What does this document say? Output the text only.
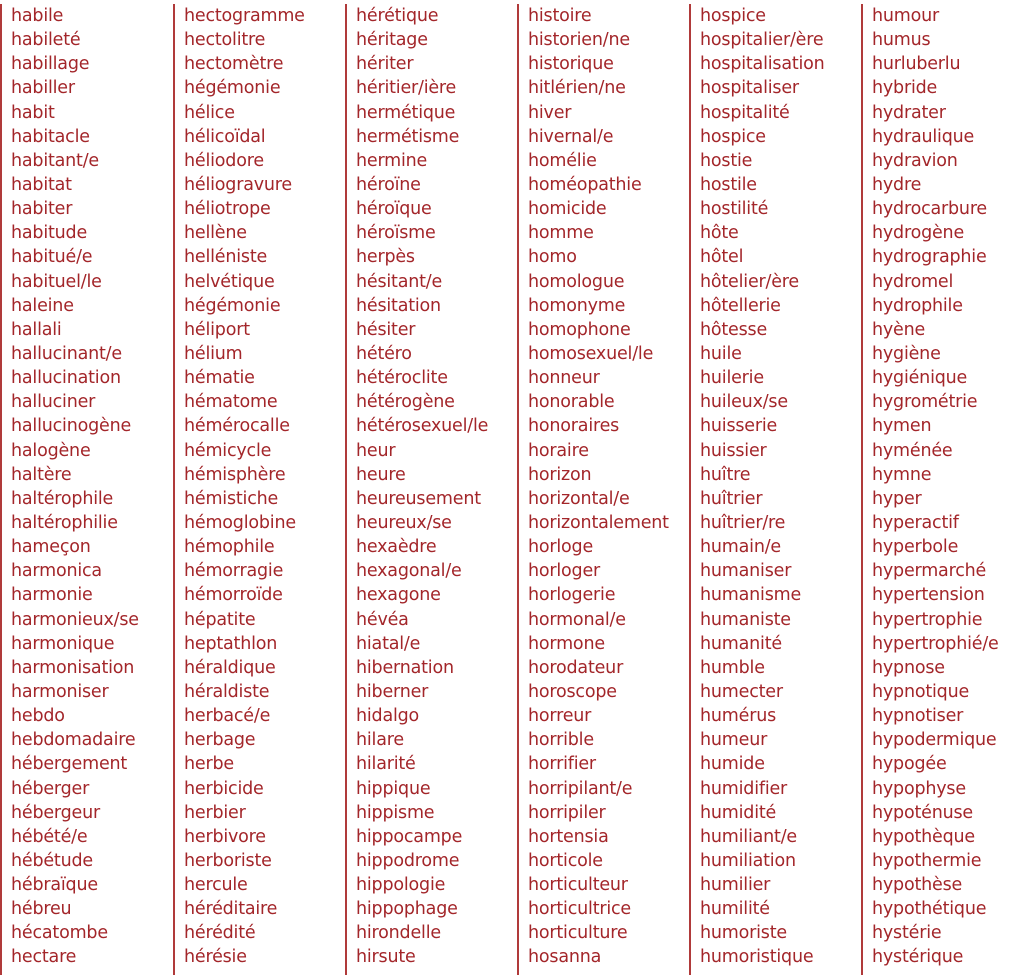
habile
habileté
habillage
habiller
habit
habitacle
habitant/e
habitat
habiter
habitude
habitué/e
habituel/le
haleine
hallali
hallucinant/e
hallucination
halluciner
hallucinogène
halogène
haltère
haltérophile
haltérophilie
hameçon
harmonica
harmonie
harmonieux/se
harmonique
harmonisation
harmoniser
hebdo
hebdomadaire
hébergement
héberger
hébergeur
hébété/e
hébétude
hébraïque
hébreu
hécatombe
hectare
hectogramme
hectolitre
hectomètre
hégémonie
hélice
hélicoïdal
héliodore
héliogravure
héliotrope
hellène
helléniste
helvétique
hégémonie
héliport
hélium
hématie
hématome
hémérocalle
hémicycle
hémisphère
hémistiche
hémoglobine
hémophile
hémorragie
hémorroïde
hépatite
heptathlon
héraldique
héraldiste
herbacé/e
herbage
herbe
herbicide
herbier
herbivore
herboriste
hercule
héréditaire
hérédité
hérésie
hérétique
héritage
hériter
héritier/ière
hermétique
hermétisme
hermine
héroïne
héroïque
héroïsme
herpès
hésitant/e
hésitation
hésiter
hétéro
hétéroclite
hétérogène
hétérosexuel/le
heur
heure
heureusement
heureux/se
hexaèdre
hexagonal/e
hexagone
hévéa
hiatal/e
hibernation
hiberner
hidalgo
hilare
hilarité
hippique
hippisme
hippocampe
hippodrome
hippologie
hippophage
hirondelle
hirsute
histoire
historien/ne
historique
hitlérien/ne
hiver
hivernal/e
homélie
homéopathie
homicide
homme
homo
homologue
homonyme
homophone
homosexuel/le
honneur
honorable
honoraires
horaire
horizon
horizontal/e
horizontalement
horloge
horloger
horlogerie
hormonal/e
hormone
horodateur
horoscope
horreur
horrible
horrifier
horripilant/e
horripiler
hortensia
horticole
horticulteur
horticultrice
horticulture
hosanna
hospice
hospitalier/ère
hospitalisation
hospitaliser
hospitalité
hospice
hostie
hostile
hostilité
hôte
hôtel
hôtelier/ère
hôtellerie
hôtesse
huile
huilerie
huileux/se
huisserie
huissier
huître
huîtrier
huîtrier/re
humain/e
humaniser
humanisme
humaniste
humanité
humble
humecter
humérus
humeur
humide
humidifier
humidité
humiliant/e
humiliation
humilier
humilité
humoriste
humoristique
humour
humus
hurluberlu
hybride
hydrater
hydraulique
hydravion
hydre
hydrocarbure
hydrogène
hydrographie
hydromel
hydrophile
hyène
hygiène
hygiénique
hygrométrie
hymen
hyménée
hymne
hyper
hyperactif
hyperbole
hypermarché
hypertension
hypertrophie
hypertrophié/e
hypnose
hypnotique
hypnotiser
hypodermique
hypogée
hypophyse
hypoténuse
hypothèque
hypothermie
hypothèse
hypothétique
hystérie
hystérique
